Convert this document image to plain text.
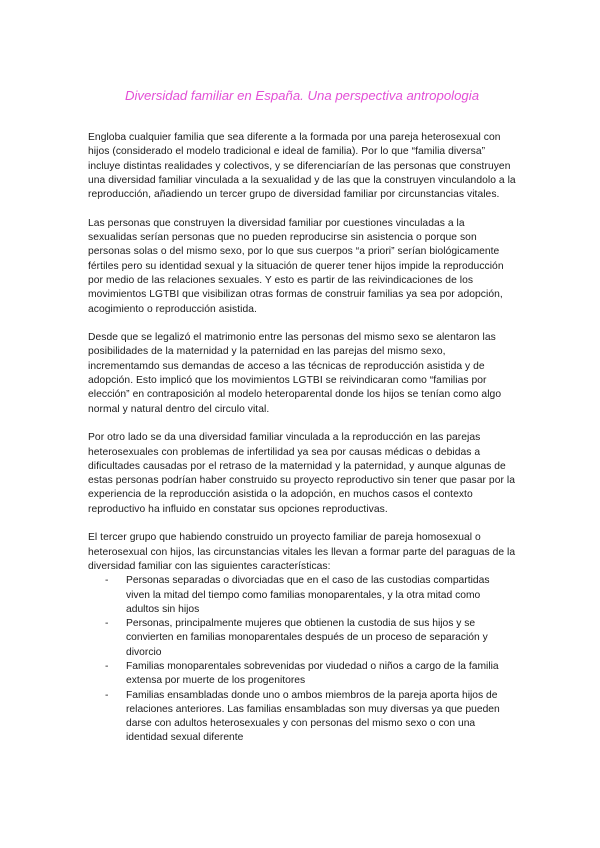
Diversidad familiar en España. Una perspectiva antropologia

Engloba cualquier familia que sea diferente a la formada por una pareja heterosexual con hijos (considerado el modelo tradicional e ideal de familia). Por lo que “familia diversa” incluye distintas realidades y colectivos, y se diferenciarían de las personas que construyen una diversidad familiar vinculada a la sexualidad y de las que la construyen vinculandolo a la reproducción, añadiendo un tercer grupo de diversidad familiar por circunstancias vitales.

Las personas que construyen la diversidad familiar por cuestiones vinculadas a la sexualidas serían personas que no pueden reproducirse sin asistencia o porque son personas solas o del mismo sexo, por lo que sus cuerpos “a priori” serían biológicamente fértiles pero su identidad sexual y la situación de querer tener hijos impide la reproducción por medio de las relaciones sexuales. Y esto es partir de las reivindicaciones de los movimientos LGTBI que visibilizan otras formas de construir familias ya sea por adopción, acogimiento o reproducción asistida.

Desde que se legalizó el matrimonio entre las personas del mismo sexo se alentaron las posibilidades de la maternidad y la paternidad en las parejas del mismo sexo, incrementamdo sus demandas de acceso a las técnicas de reproducción asistida y de adopción. Esto implicó que los movimientos LGTBI se reivindicaran como “familias por elección” en contraposición al modelo heteroparental donde los hijos se tenían como algo normal y natural dentro del circulo vital.

Por otro lado se da una diversidad familiar vinculada a la reproducción en las parejas heterosexuales con problemas de infertilidad ya sea por causas médicas o debidas a dificultades causadas por el retraso de la maternidad y la paternidad, y aunque algunas de estas personas podrían haber construido su proyecto reproductivo sin tener que pasar por la experiencia de la reproducción asistida o la adopción, en muchos casos el contexto reproductivo ha influido en constatar sus opciones reproductivas.

El tercer grupo que habiendo construido un proyecto familiar de pareja homosexual o heterosexual con hijos, las circunstancias vitales les llevan a formar parte del paraguas de la diversidad familiar con las siguientes características:

- Personas separadas o divorciadas que en el caso de las custodias compartidas viven la mitad del tiempo como familias monoparentales, y la otra mitad como adultos sin hijos
- Personas, principalmente mujeres que obtienen la custodia de sus hijos y se convierten en familias monoparentales después de un proceso de separación y divorcio
- Familias monoparentales sobrevenidas por viudedad o niños a cargo de la familia extensa por muerte de los progenitores
- Familias ensambladas donde uno o ambos miembros de la pareja aporta hijos de relaciones anteriores. Las familias ensambladas son muy diversas ya que pueden darse con adultos heterosexuales y con personas del mismo sexo o con una identidad sexual diferente
